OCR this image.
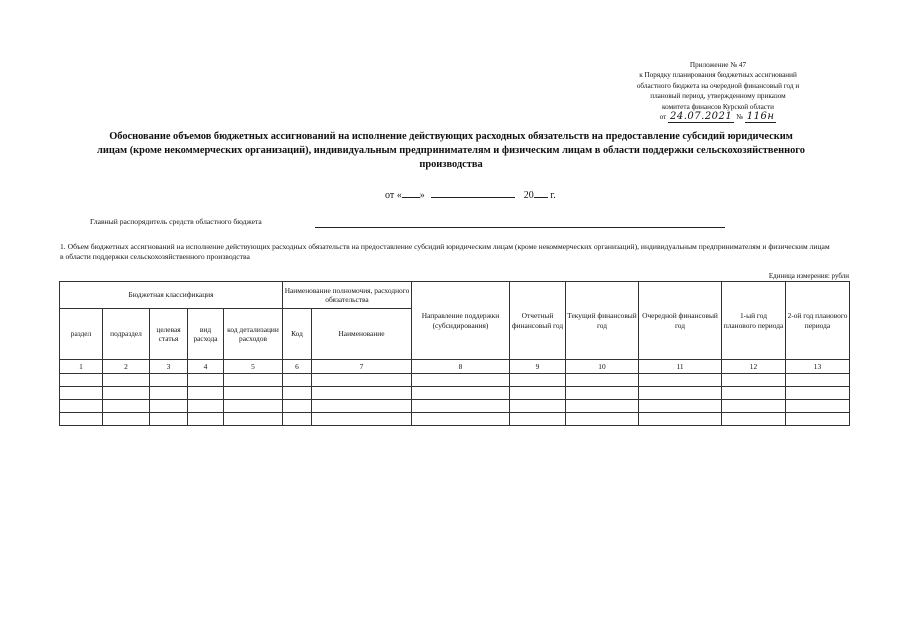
Приложение № 47
к Порядку планирования бюджетных ассигнований
областного бюджета на очередной финансовый год и
плановый период, утвержденному приказом
комитета финансов Курской области
от 24.07.2021 № 116н
Обоснование объемов бюджетных ассигнований на исполнение действующих расходных обязательств на предоставление субсидий юридическим лицам (кроме некоммерческих организаций), индивидуальным предпринимателям и физическим лицам в области поддержки сельскохозяйственного производства
от « »	20 г.
Главный распорядитель средств областного бюджета
1. Объем бюджетных ассигнований на исполнение действующих расходных обязательств на предоставление субсидий юридическим лицам (кроме некоммерческих организаций), индивидуальным предпринимателям и физическим лицам в области поддержки сельскохозяйственного производства
Единица измерения: рубли
Бюджетная классификация					Наименование полномочия, расходного обязательства		Направление поддержки (субсидирования)	Отчетный финансовый год	Текущий финансовый год	Очередной финансовый год	1-ый год планового периода	2-ой год планового периода
раздел	подраздел	целевая статья	вид расхода	код детализации расходов								
					Код	Наименование						
1	2	3	4	5	6	7	8	9	10	11	12	13
